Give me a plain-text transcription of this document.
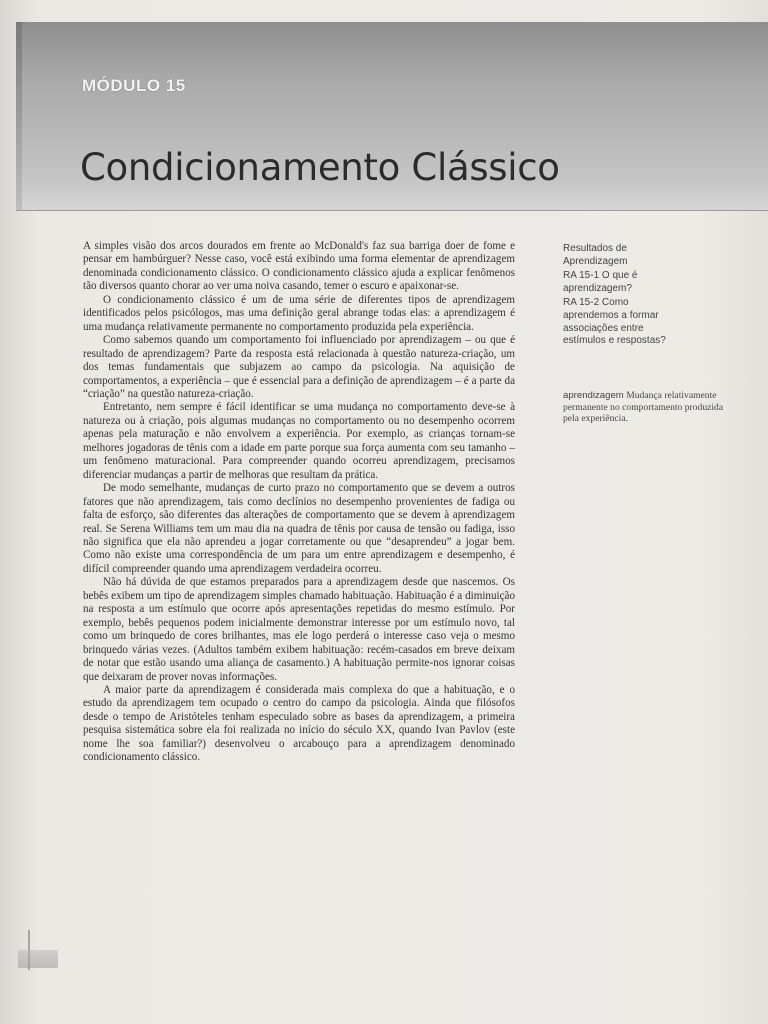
MÓDULO 15
Condicionamento Clássico

A simples visão dos arcos dourados em frente ao McDonald's faz sua barriga doer de fome e pensar em hambúrguer? Nesse caso, você está exibindo uma forma elementar de aprendizagem denominada condicionamento clássico. O condicionamento clássico ajuda a explicar fenômenos tão diversos quanto chorar ao ver uma noiva casando, temer o escuro e apaixonar-se.

O condicionamento clássico é um de uma série de diferentes tipos de aprendizagem identificados pelos psicólogos, mas uma definição geral abrange todas elas: a aprendizagem é uma mudança relativamente permanente no comportamento produzida pela experiência.

Como sabemos quando um comportamento foi influenciado por aprendizagem – ou que é resultado de aprendizagem? Parte da resposta está relacionada à questão natureza-criação, um dos temas fundamentais que subjazem ao campo da psicologia. Na aquisição de comportamentos, a experiência – que é essencial para a definição de aprendizagem – é a parte da “criação” na questão natureza-criação.

Entretanto, nem sempre é fácil identificar se uma mudança no comportamento deve-se à natureza ou à criação, pois algumas mudanças no comportamento ou no desempenho ocorrem apenas pela maturação e não envolvem a experiência. Por exemplo, as crianças tornam-se melhores jogadoras de tênis com a idade em parte porque sua força aumenta com seu tamanho – um fenômeno maturacional. Para compreender quando ocorreu aprendizagem, precisamos diferenciar mudanças a partir de melhoras que resultam da prática.

De modo semelhante, mudanças de curto prazo no comportamento que se devem a outros fatores que não aprendizagem, tais como declínios no desempenho provenientes de fadiga ou falta de esforço, são diferentes das alterações de comportamento que se devem à aprendizagem real. Se Serena Williams tem um mau dia na quadra de tênis por causa de tensão ou fadiga, isso não significa que ela não aprendeu a jogar corretamente ou que “desaprendeu” a jogar bem. Como não existe uma correspondência de um para um entre aprendizagem e desempenho, é difícil compreender quando uma aprendizagem verdadeira ocorreu.

Não há dúvida de que estamos preparados para a aprendizagem desde que nascemos. Os bebês exibem um tipo de aprendizagem simples chamado habituação. Habituação é a diminuição na resposta a um estímulo que ocorre após apresentações repetidas do mesmo estímulo. Por exemplo, bebês pequenos podem inicialmente demonstrar interesse por um estímulo novo, tal como um brinquedo de cores brilhantes, mas ele logo perderá o interesse caso veja o mesmo brinquedo várias vezes. (Adultos também exibem habituação: recém-casados em breve deixam de notar que estão usando uma aliança de casamento.) A habituação permite-nos ignorar coisas que deixaram de prover novas informações.

A maior parte da aprendizagem é considerada mais complexa do que a habituação, e o estudo da aprendizagem tem ocupado o centro do campo da psicologia. Ainda que filósofos desde o tempo de Aristóteles tenham especulado sobre as bases da aprendizagem, a primeira pesquisa sistemática sobre ela foi realizada no início do século XX, quando Ivan Pavlov (este nome lhe soa familiar?) desenvolveu o arcabouço para a aprendizagem denominado condicionamento clássico.

Resultados de Aprendizagem
RA 15-1 O que é aprendizagem?
RA 15-2 Como aprendemos a formar associações entre estímulos e respostas?
aprendizagem Mudança relativamente permanente no comportamento produzida pela experiência.
